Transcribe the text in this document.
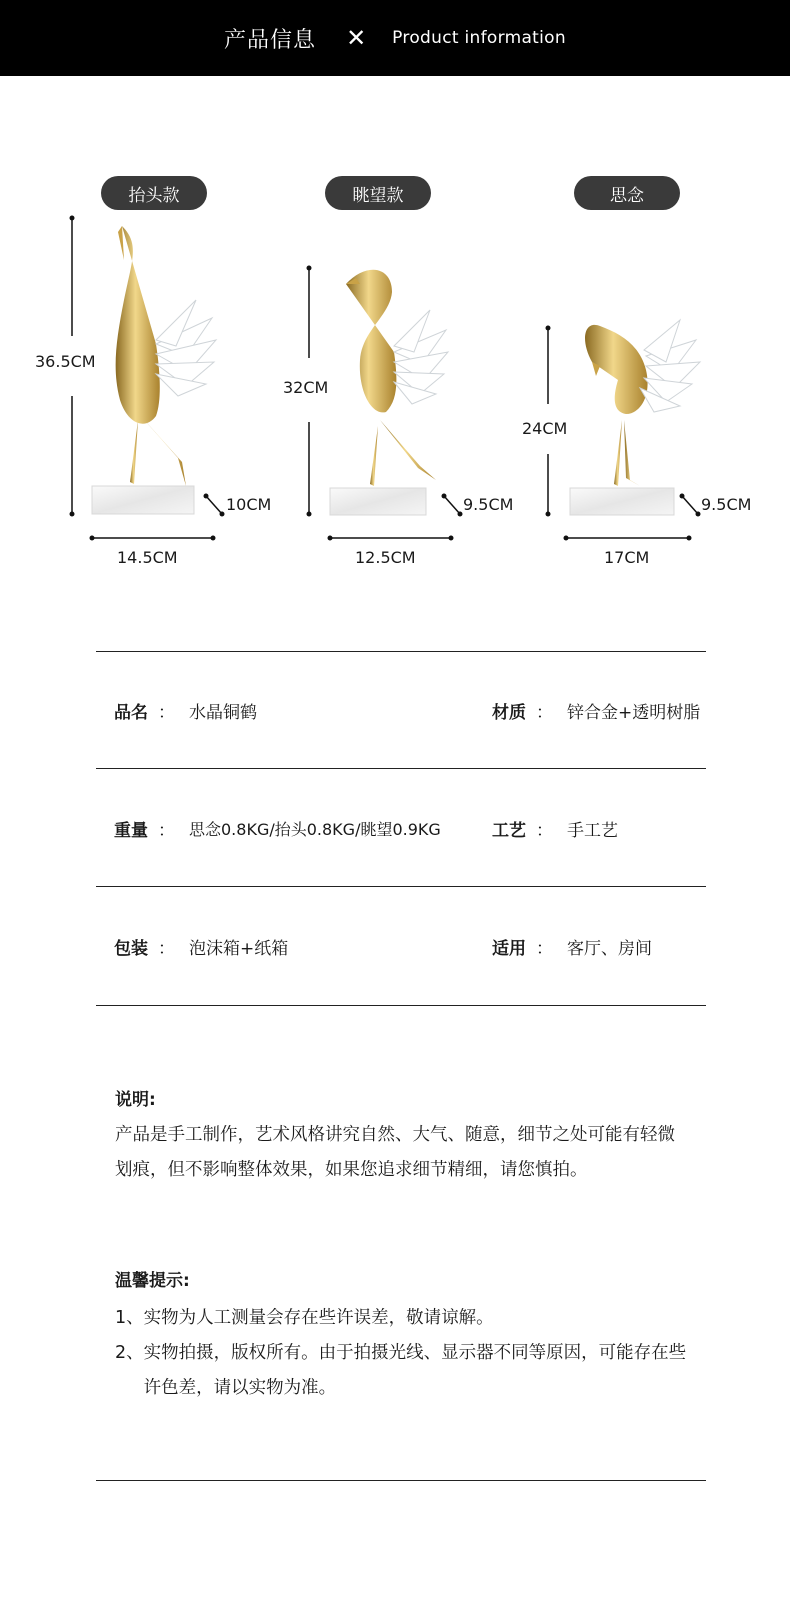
产品信息 ✕ Product information
抬头款	眺望款	思念
36.5CM
10CM
14.5CM
32CM
9.5CM
12.5CM
24CM
9.5CM
17CM
品名 ： 水晶铜鹤	材质 ： 锌合金+透明树脂
重量 ： 思念0.8KG/抬头0.8KG/眺望0.9KG	工艺 ： 手工艺
包装 ： 泡沫箱+纸箱	适用 ： 客厅、房间
说明:
产品是手工制作，艺术风格讲究自然、大气、随意，细节之处可能有轻微划痕，但不影响整体效果，如果您追求细节精细，请您慎拍。
温馨提示:
1、 实物为人工测量会存在些许误差，敬请谅解。
2、 实物拍摄，版权所有。由于拍摄光线、显示器不同等原因，可能存在些许色差，请以实物为准。
